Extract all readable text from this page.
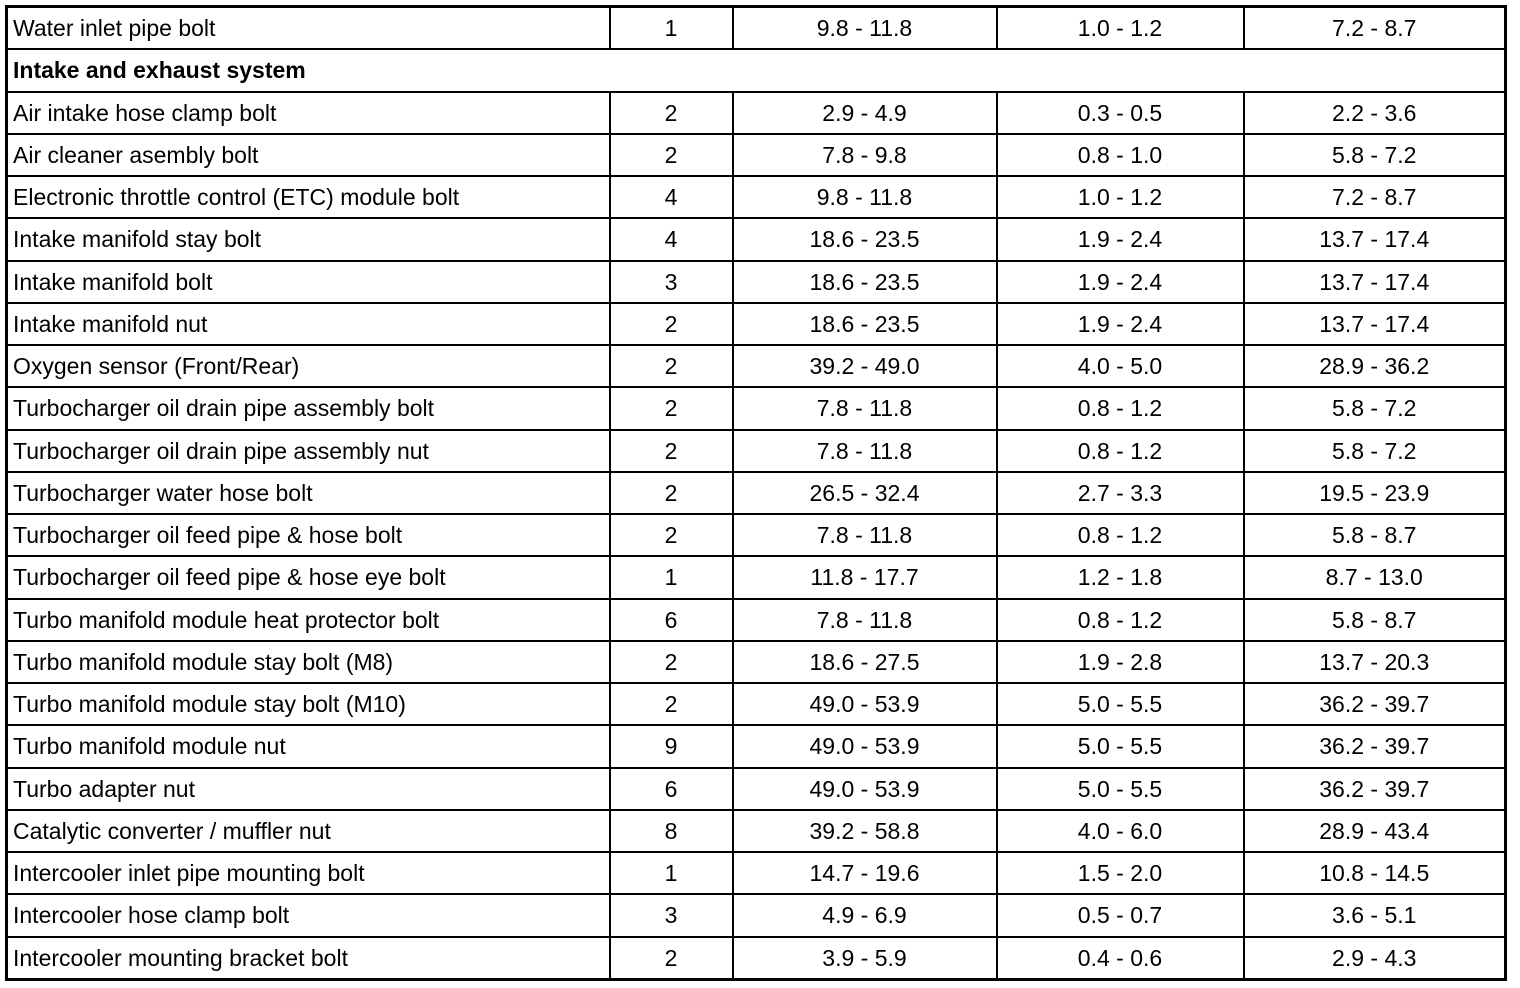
Water inlet pipe bolt	1	9.8 - 11.8	1.0 - 1.2	7.2 - 8.7
Intake and exhaust system				
Air intake hose clamp bolt	2	2.9 - 4.9	0.3 - 0.5	2.2 - 3.6
Air cleaner asembly bolt	2	7.8 - 9.8	0.8 - 1.0	5.8 - 7.2
Electronic throttle control (ETC) module bolt	4	9.8 - 11.8	1.0 - 1.2	7.2 - 8.7
Intake manifold stay bolt	4	18.6 - 23.5	1.9 - 2.4	13.7 - 17.4
Intake manifold bolt	3	18.6 - 23.5	1.9 - 2.4	13.7 - 17.4
Intake manifold nut	2	18.6 - 23.5	1.9 - 2.4	13.7 - 17.4
Oxygen sensor (Front/Rear)	2	39.2 - 49.0	4.0 - 5.0	28.9 - 36.2
Turbocharger oil drain pipe assembly bolt	2	7.8 - 11.8	0.8 - 1.2	5.8 - 7.2
Turbocharger oil drain pipe assembly nut	2	7.8 - 11.8	0.8 - 1.2	5.8 - 7.2
Turbocharger water hose bolt	2	26.5 - 32.4	2.7 - 3.3	19.5 - 23.9
Turbocharger oil feed pipe & hose bolt	2	7.8 - 11.8	0.8 - 1.2	5.8 - 8.7
Turbocharger oil feed pipe & hose eye bolt	1	11.8 - 17.7	1.2 - 1.8	8.7 - 13.0
Turbo manifold module heat protector bolt	6	7.8 - 11.8	0.8 - 1.2	5.8 - 8.7
Turbo manifold module stay bolt (M8)	2	18.6 - 27.5	1.9 - 2.8	13.7 - 20.3
Turbo manifold module stay bolt (M10)	2	49.0 - 53.9	5.0 - 5.5	36.2 - 39.7
Turbo manifold module nut	9	49.0 - 53.9	5.0 - 5.5	36.2 - 39.7
Turbo adapter nut	6	49.0 - 53.9	5.0 - 5.5	36.2 - 39.7
Catalytic converter / muffler nut	8	39.2 - 58.8	4.0 - 6.0	28.9 - 43.4
Intercooler inlet pipe mounting bolt	1	14.7 - 19.6	1.5 - 2.0	10.8 - 14.5
Intercooler hose clamp bolt	3	4.9 - 6.9	0.5 - 0.7	3.6 - 5.1
Intercooler mounting bracket bolt	2	3.9 - 5.9	0.4 - 0.6	2.9 - 4.3
